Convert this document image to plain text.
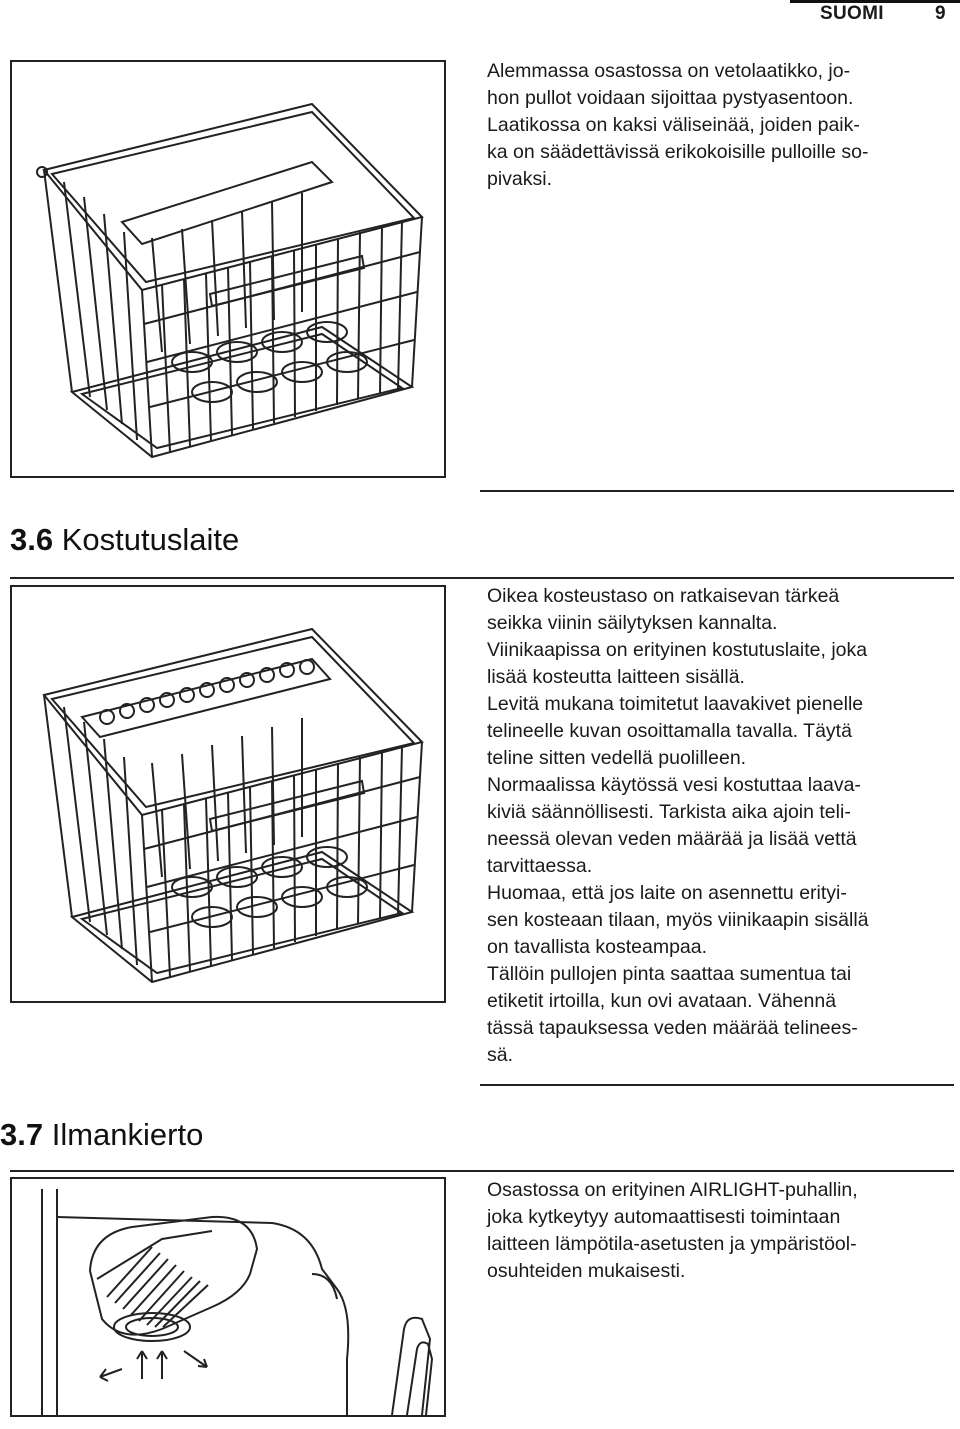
SUOMI	9

Alemmassa osastossa on vetolaatikko, jo-

hon pullot voidaan sijoittaa pystyasentoon.

Laatikossa on kaksi väliseinää, joiden paik-

ka on säädettävissä erikokoisille pulloille so-

pivaksi.

3.6 Kostutuslaite

Oikea kosteustaso on ratkaisevan tärkeä

seikka viinin säilytyksen kannalta.

Viinikaapissa on erityinen kostutuslaite, joka

lisää kosteutta laitteen sisällä.

Levitä mukana toimitetut laavakivet pienelle

telineelle kuvan osoittamalla tavalla. Täytä

teline sitten vedellä puolilleen.

Normaalissa käytössä vesi kostuttaa laava-

kiviä säännöllisesti. Tarkista aika ajoin teli-

neessä olevan veden määrää ja lisää vettä

tarvittaessa.

Huomaa, että jos laite on asennettu erityi-

sen kosteaan tilaan, myös viinikaapin sisällä

on tavallista kosteampaa.

Tällöin pullojen pinta saattaa sumentua tai

etiketit irtoilla, kun ovi avataan. Vähennä

tässä tapauksessa veden määrää telinees-

sä.

3.7 Ilmankierto

Osastossa on erityinen AIRLIGHT-puhallin,

joka kytkeytyy automaattisesti toimintaan

laitteen lämpötila-asetusten ja ympäristöol-

osuhteiden mukaisesti.
